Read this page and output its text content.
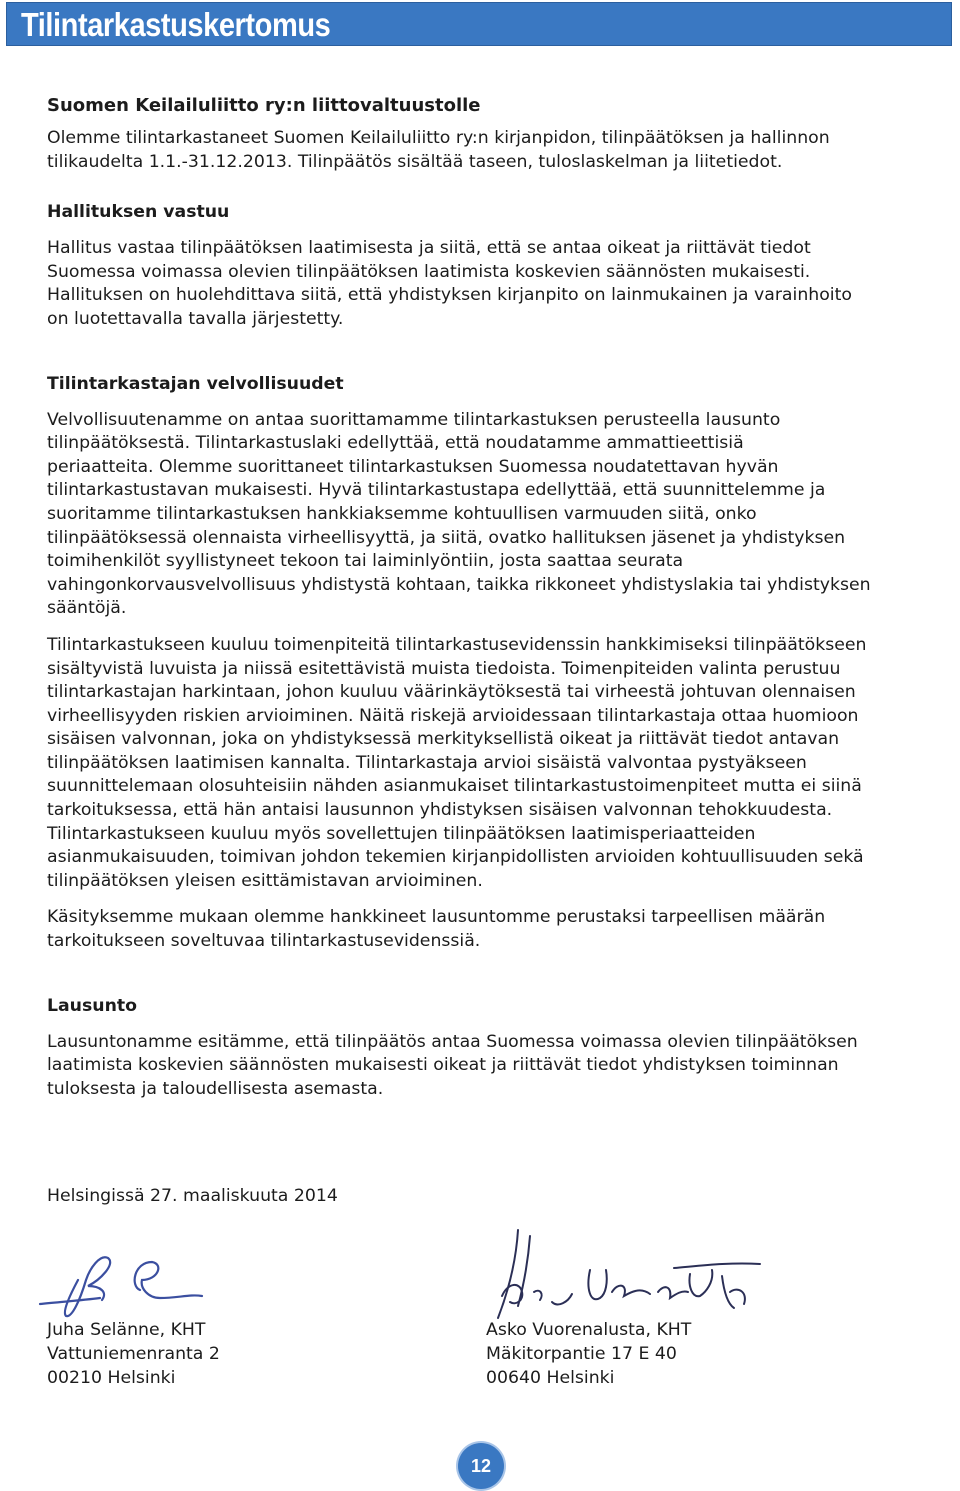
Tilintarkastuskertomus
Suomen Keilailuliitto ry:n liittovaltuustolle

Olemme tilintarkastaneet Suomen Keilailuliitto ry:n kirjanpidon, tilinpäätöksen ja hallinnon
tilikaudelta 1.1.-31.12.2013. Tilinpäätös sisältää taseen, tuloslaskelman ja liitetiedot.

Hallituksen vastuu

Hallitus vastaa tilinpäätöksen laatimisesta ja siitä, että se antaa oikeat ja riittävät tiedot
Suomessa voimassa olevien tilinpäätöksen laatimista koskevien säännösten mukaisesti.
Hallituksen on huolehdittava siitä, että yhdistyksen kirjanpito on lainmukainen ja varainhoito
on luotettavalla tavalla järjestetty.

Tilintarkastajan velvollisuudet

Velvollisuutenamme on antaa suorittamamme tilintarkastuksen perusteella lausunto
tilinpäätöksestä. Tilintarkastuslaki edellyttää, että noudatamme ammattieettisiä
periaatteita. Olemme suorittaneet tilintarkastuksen Suomessa noudatettavan hyvän
tilintarkastustavan mukaisesti. Hyvä tilintarkastustapa edellyttää, että suunnittelemme ja
suoritamme tilintarkastuksen hankkiaksemme kohtuullisen varmuuden siitä, onko
tilinpäätöksessä olennaista virheellisyyttä, ja siitä, ovatko hallituksen jäsenet ja yhdistyksen
toimihenkilöt syyllistyneet tekoon tai laiminlyöntiin, josta saattaa seurata
vahingonkorvausvelvollisuus yhdistystä kohtaan, taikka rikkoneet yhdistyslakia tai yhdistyksen
sääntöjä.

Tilintarkastukseen kuuluu toimenpiteitä tilintarkastusevidenssin hankkimiseksi tilinpäätökseen
sisältyvistä luvuista ja niissä esitettävistä muista tiedoista. Toimenpiteiden valinta perustuu
tilintarkastajan harkintaan, johon kuuluu väärinkäytöksestä tai virheestä johtuvan olennaisen
virheellisyyden riskien arvioiminen. Näitä riskejä arvioidessaan tilintarkastaja ottaa huomioon
sisäisen valvonnan, joka on yhdistyksessä merkityksellistä oikeat ja riittävät tiedot antavan
tilinpäätöksen laatimisen kannalta. Tilintarkastaja arvioi sisäistä valvontaa pystyäkseen
suunnittelemaan olosuhteisiin nähden asianmukaiset tilintarkastustoimenpiteet mutta ei siinä
tarkoituksessa, että hän antaisi lausunnon yhdistyksen sisäisen valvonnan tehokkuudesta.
Tilintarkastukseen kuuluu myös sovellettujen tilinpäätöksen laatimisperiaatteiden
asianmukaisuuden, toimivan johdon tekemien kirjanpidollisten arvioiden kohtuullisuuden sekä
tilinpäätöksen yleisen esittämistavan arvioiminen.

Käsityksemme mukaan olemme hankkineet lausuntomme perustaksi tarpeellisen määrän
tarkoitukseen soveltuvaa tilintarkastusevidenssiä.

Lausunto

Lausuntonamme esitämme, että tilinpäätös antaa Suomessa voimassa olevien tilinpäätöksen
laatimista koskevien säännösten mukaisesti oikeat ja riittävät tiedot yhdistyksen toiminnan
tuloksesta ja taloudellisesta asemasta.

Helsingissä 27. maaliskuuta 2014
Juha Selänne, KHT
Vattuniemenranta 2
00210 Helsinki
Asko Vuorenalusta, KHT
Mäkitorpantie 17 E 40
00640 Helsinki
12
